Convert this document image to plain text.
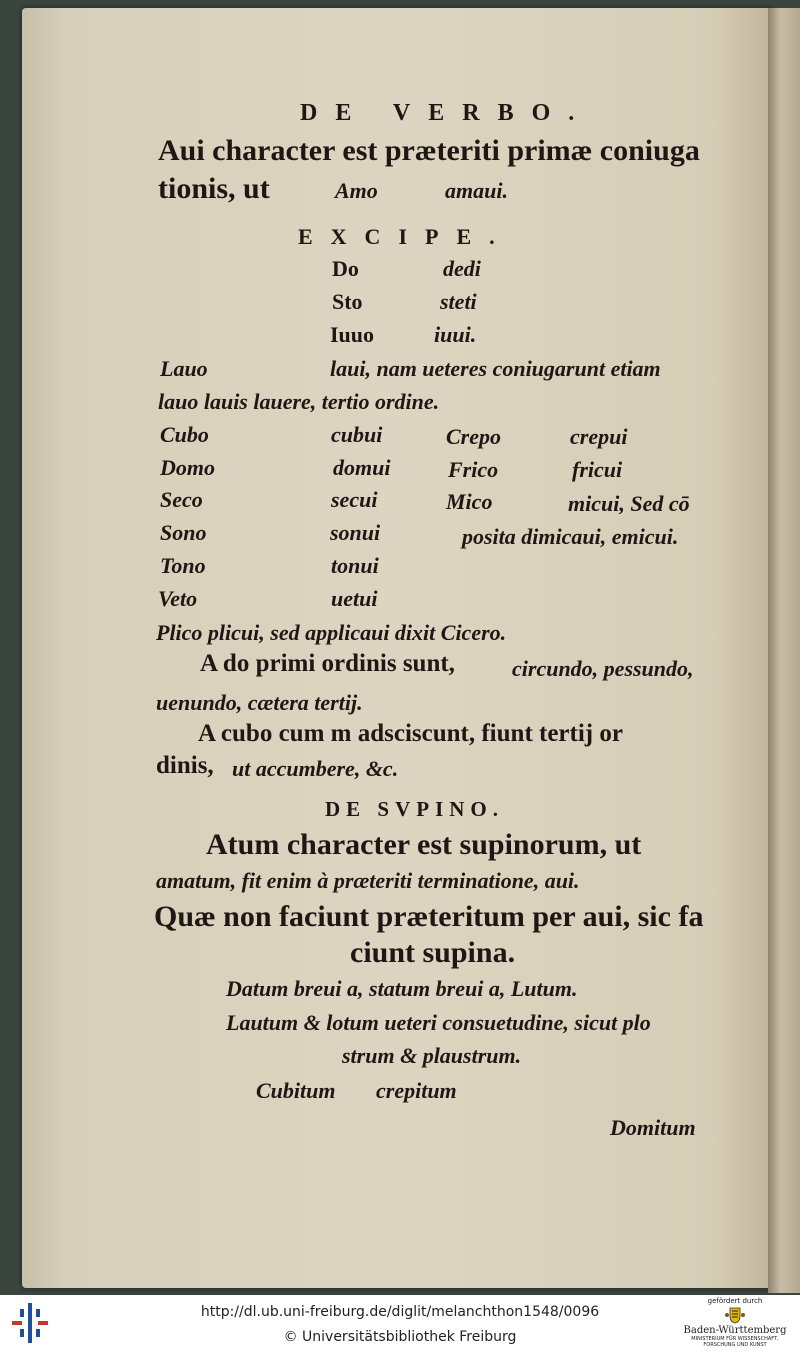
DE VERBO.
Aui character est præteriti primæ coniuga
tionis, ut	Amo	amaui.
EXCIPE.
Do	dedi
Sto	steti
Iuuo	iuui.
Lauo	laui, nam ueteres coniugarunt etiam
lauo lauis lauere, tertio ordine.
Cubo	cubui	Crepo	crepui
Domo	domui	Frico	fricui
Seco	secui	Mico	micui, Sed cō
Sono	sonui	posita dimicaui, emicui.
Tono	tonui
Veto	uetui
Plico plicui, sed applicaui dixit Cicero.
A do primi ordinis sunt,	circundo, pessundo,
uenundo, cætera tertij.
A cubo cum m adsciscunt, fiunt tertij or
dinis, ut accumbere, &c.
DE SVPINO.
Atum character est supinorum, ut
amatum, fit enim à præteriti terminatione, aui.
Quæ non faciunt præteritum per aui, sic fa
ciunt supina.
Datum breui a, statum breui a, Lutum.
Lautum & lotum ueteri consuetudine, sicut plo
strum & plaustrum.
Cubitum crepitum
Domitum
http://dl.ub.uni-freiburg.de/diglit/melanchthon1548/0096
© Universitätsbibliothek Freiburg
gefördert durch
Baden-Württemberg
MINISTERIUM FÜR WISSENSCHAFT, FORSCHUNG UND KUNST
